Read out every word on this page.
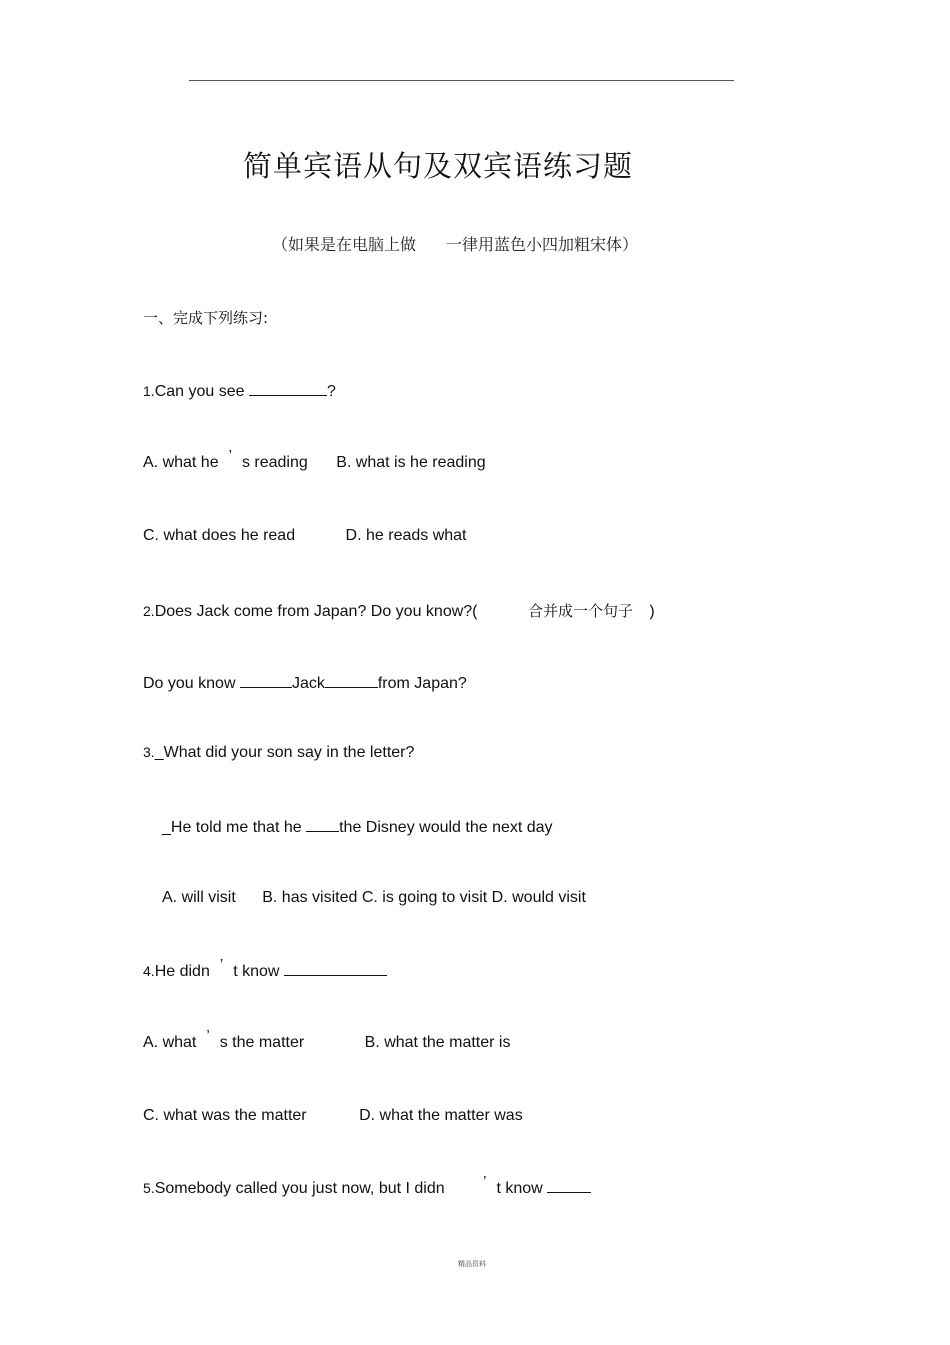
简单宾语从句及双宾语练习题
（如果是在电脑上做 一律用蓝色小四加粗宋体）
一、完成下列练习:
1.Can you see	?
A. what he ’ s reading B. what is he reading
C. what does he read	D. he reads what
2.Does Jack come from Japan? Do you know?(	合并成一个句子 )
Do you know	Jack	from Japan?
3._What did your son say in the letter?
_He told me that he the Disney would the next day
A. will visit B. has visited C. is going to visit D. would visit
4.He didn ’ t know
A. what ’ s the matter	B. what the matter is
C. what was the matter	D. what the matter was
5.Somebody called you just now, but I didn	’ t know
精品资料
